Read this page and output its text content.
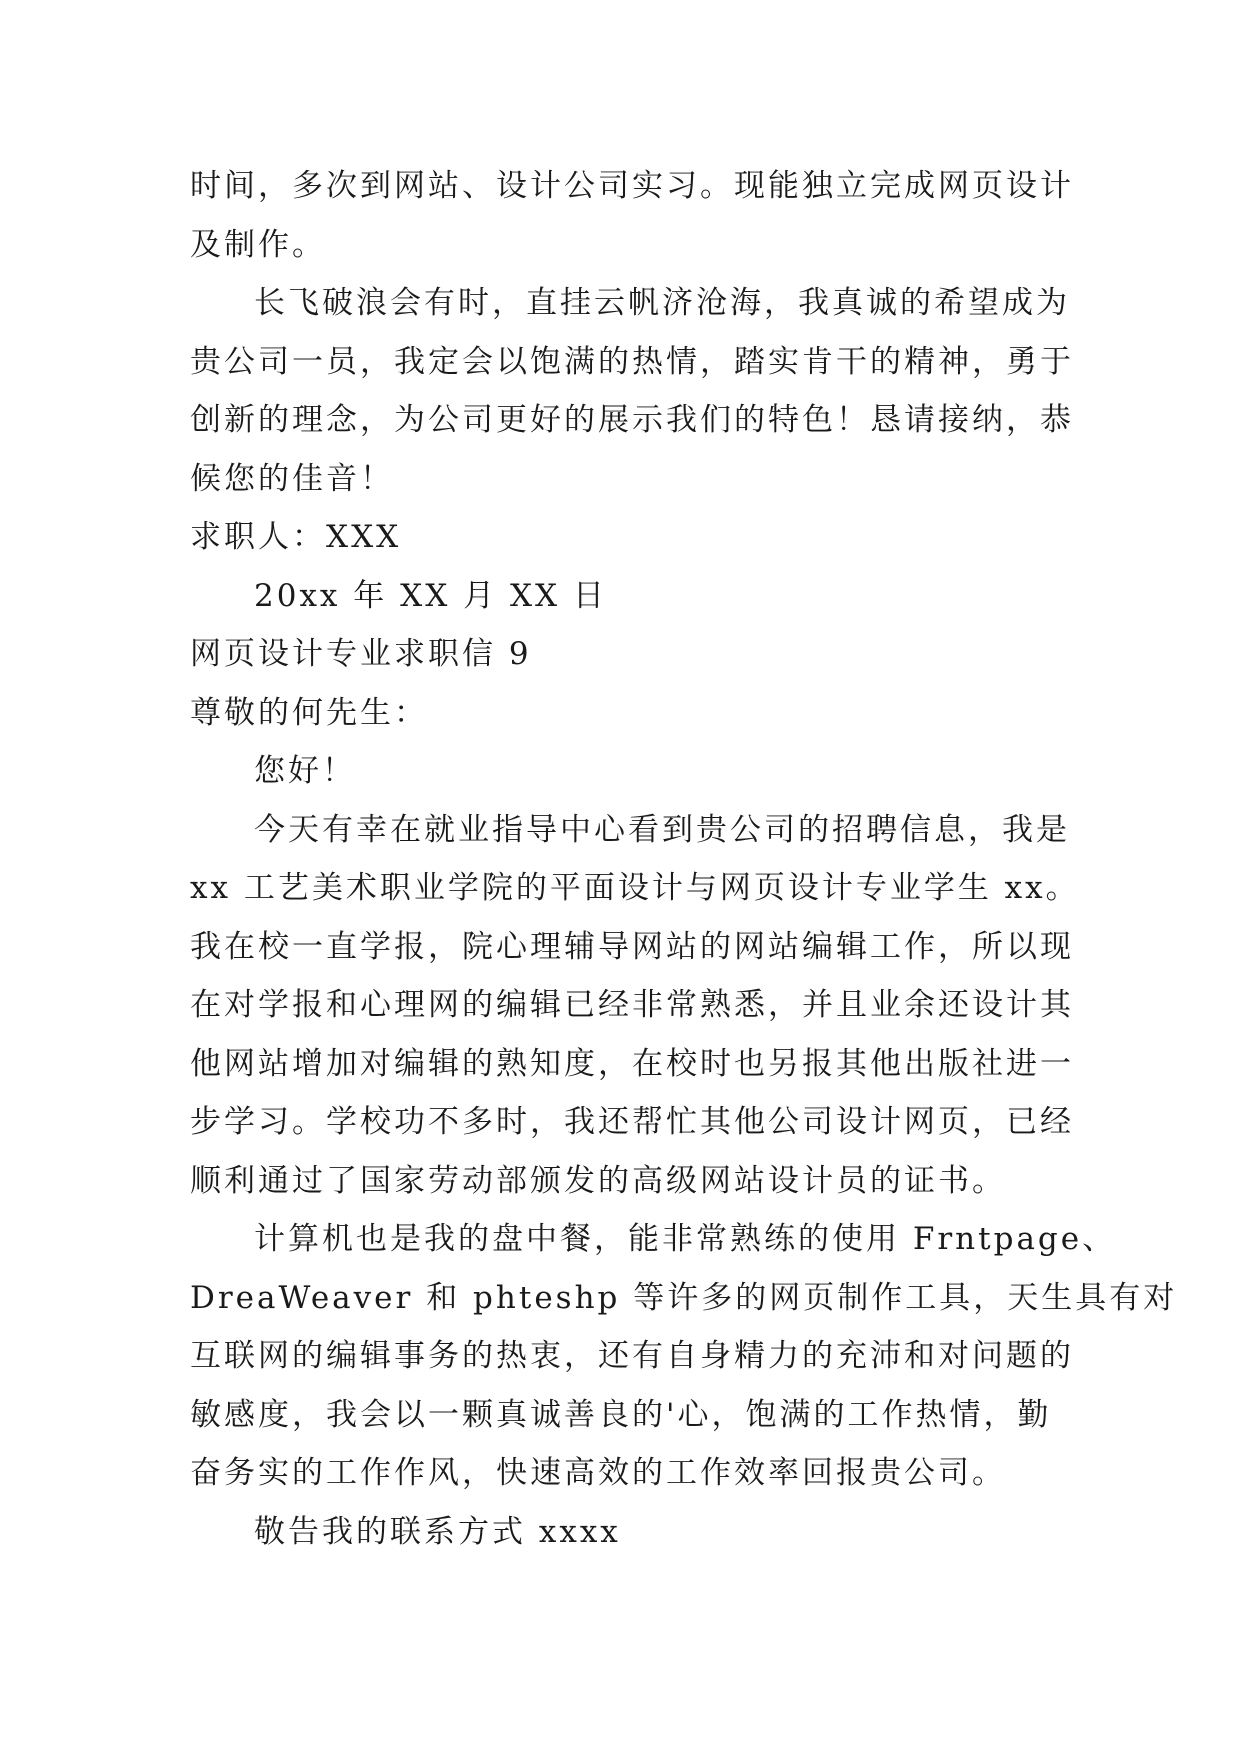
时间，多次到网站、设计公司实习。现能独立完成网页设计
及制作。
长飞破浪会有时，直挂云帆济沧海，我真诚的希望成为
贵公司一员，我定会以饱满的热情，踏实肯干的精神，勇于
创新的理念，为公司更好的展示我们的特色！恳请接纳，恭
候您的佳音！
求职人：XXX
20xx 年 XX 月 XX 日
网页设计专业求职信 9
尊敬的何先生：
您好！
今天有幸在就业指导中心看到贵公司的招聘信息，我是
xx 工艺美术职业学院的平面设计与网页设计专业学生 xx。
我在校一直学报，院心理辅导网站的网站编辑工作，所以现
在对学报和心理网的编辑已经非常熟悉，并且业余还设计其
他网站增加对编辑的熟知度，在校时也另报其他出版社进一
步学习。学校功不多时，我还帮忙其他公司设计网页，已经
顺利通过了国家劳动部颁发的高级网站设计员的证书。
计算机也是我的盘中餐，能非常熟练的使用 Frntpage、
DreaWeaver 和 phteshp 等许多的网页制作工具，天生具有对
互联网的编辑事务的热衷，还有自身精力的充沛和对问题的
敏感度，我会以一颗真诚善良的'心，饱满的工作热情，勤
奋务实的工作作风，快速高效的工作效率回报贵公司。
敬告我的联系方式 xxxx
